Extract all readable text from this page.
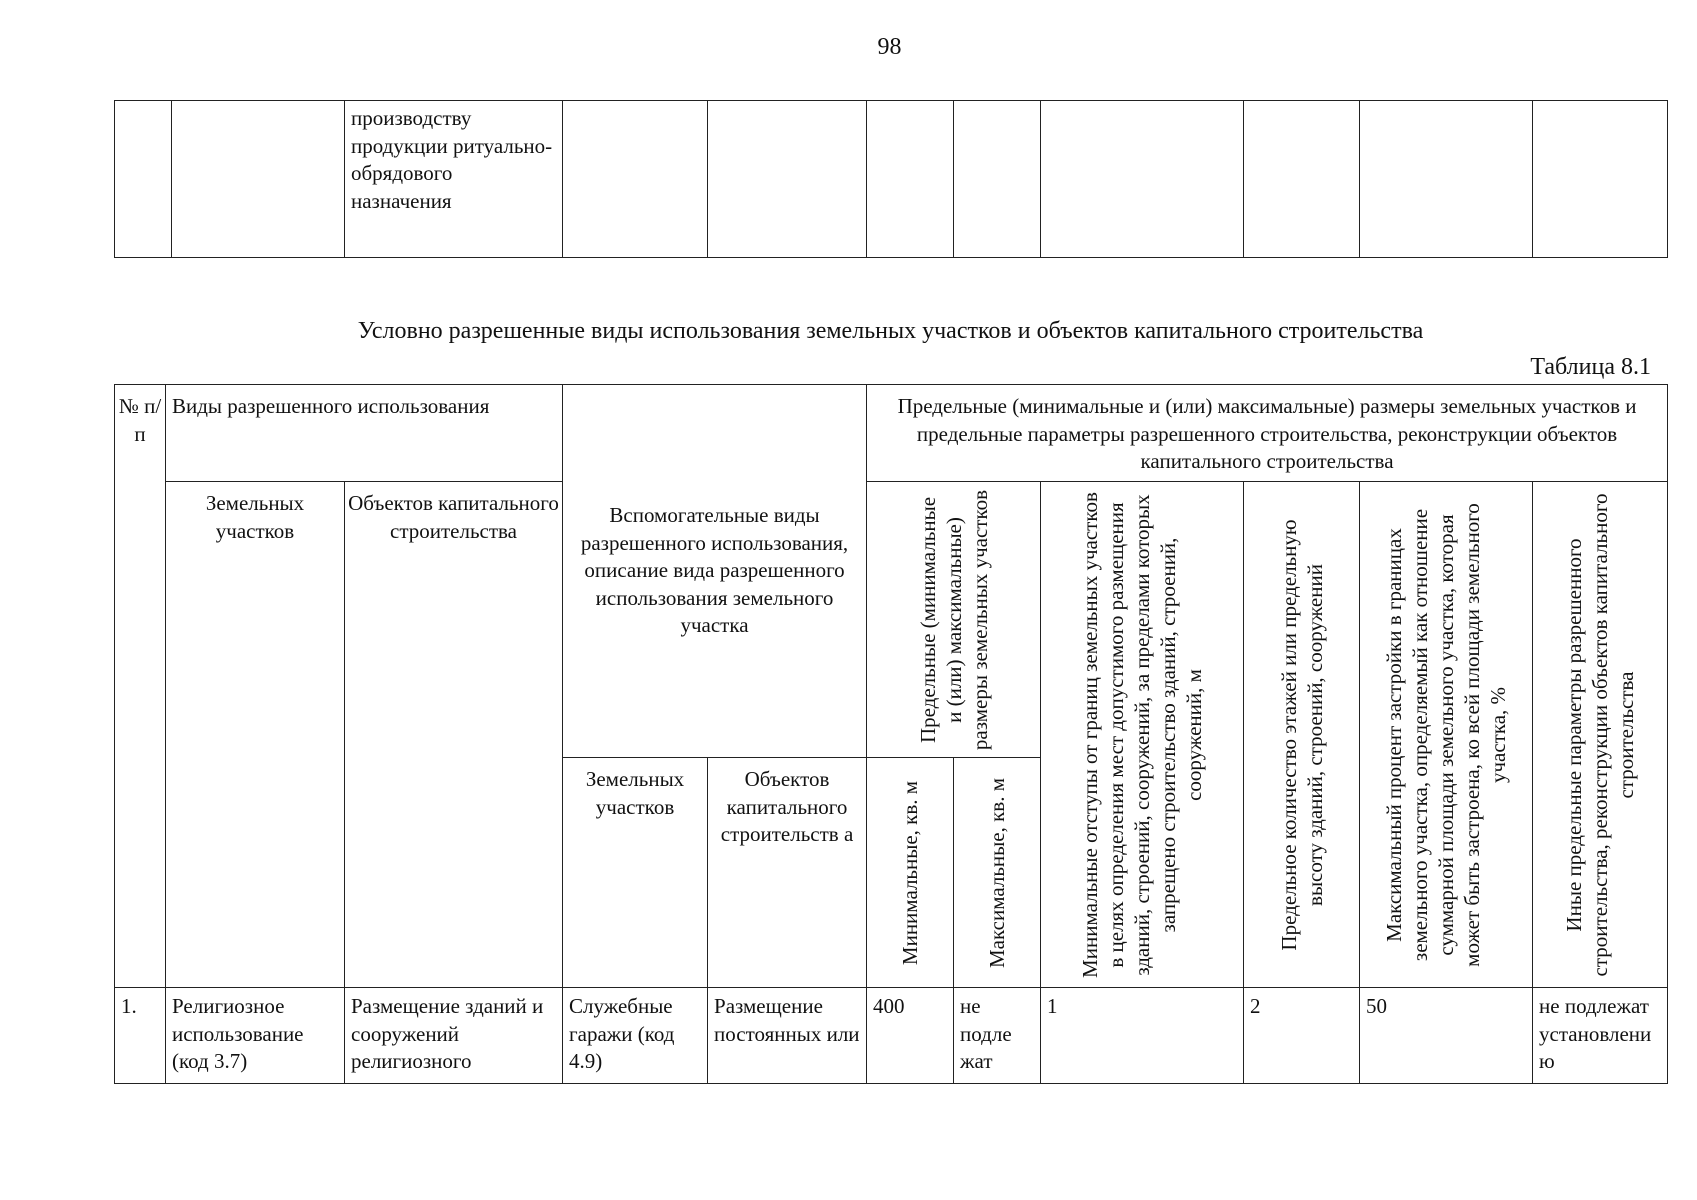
98
		производству продукции ритуально-обрядового назначения								
Условно разрешенные виды использования земельных участков и объектов капитального строительства
Таблица 8.1
№ п/п	Виды разрешенного использования		Вспомогательные виды разрешенного использования, описание вида разрешенного использования земельного участка		Предельные (минимальные и (или) максимальные) размеры земельных участков и предельные параметры разрешенного строительства, реконструкции объектов капитального строительства					
	Земельных участков	Объектов капитального строительства			Предельные (минимальные и (или) максимальные) размеры земельных участков		Минимальные отступы от границ земельных участков в целях определения мест допустимого размещения зданий, строений, сооружений, за пределами которых запрещено строительство зданий, строений, сооружений, м	Предельное количество этажей или предельную высоту зданий, строений, сооружений	Максимальный процент застройки в границах земельного участка, определяемый как отношение суммарной площади земельного участка, которая может быть застроена, ко всей площади земельного участка, %	Иные предельные параметры разрешенного строительства, реконструкции объектов капитального строительства

			Земельных участков	Объектов капитального строительств а	Минимальные, кв. м	Максимальные, кв. м				

1.	Религиозное использование (код 3.7)	Размещение зданий и сооружений религиозного	Служебные гаражи (код 4.9)	Размещение постоянных или	400	не подле жат	1	2	50	не подлежат установлени ю
